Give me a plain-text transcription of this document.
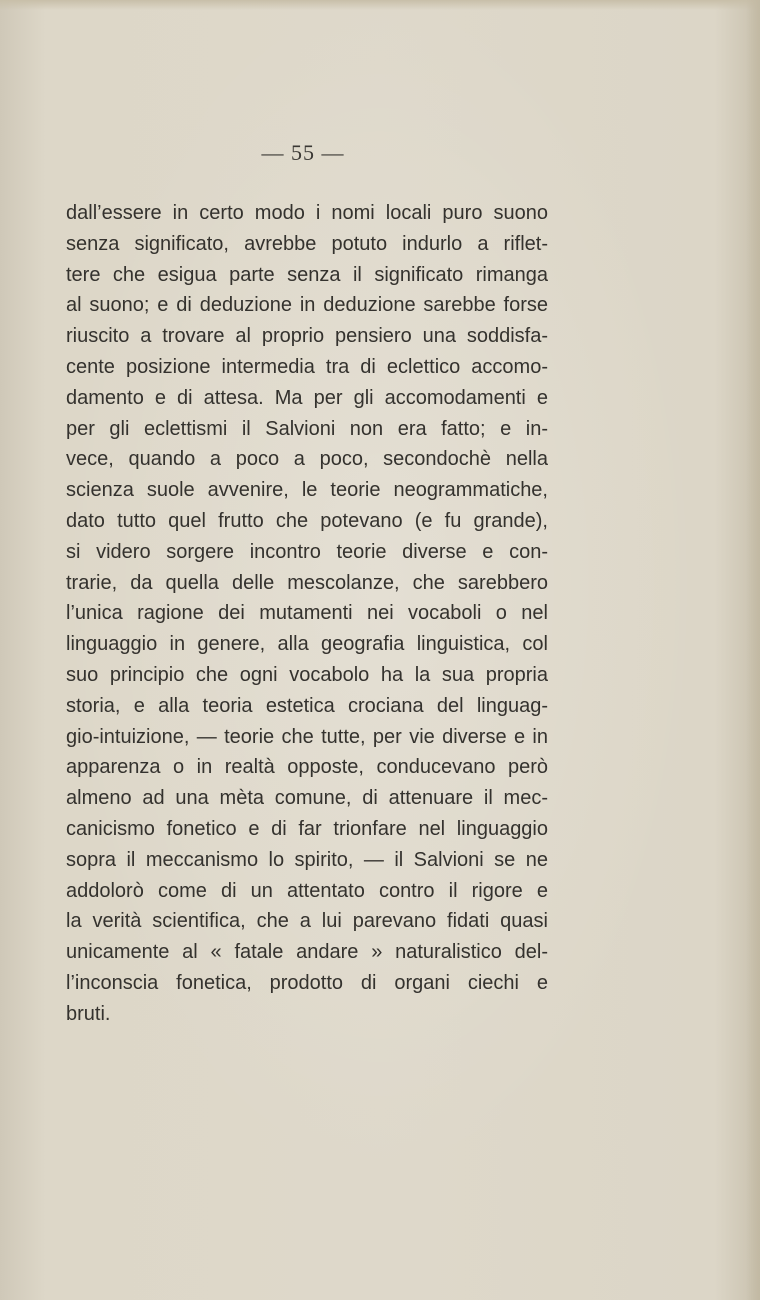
— 55 —
dall’essere in certo modo i nomi locali puro suono
senza significato, avrebbe potuto indurlo a riflet-
tere che esigua parte senza il significato rimanga
al suono; e di deduzione in deduzione sarebbe forse
riuscito a trovare al proprio pensiero una soddisfa-
cente posizione intermedia tra di eclettico accomo-
damento e di attesa. Ma per gli accomodamenti e
per gli eclettismi il Salvioni non era fatto; e in-
vece, quando a poco a poco, secondochè nella
scienza suole avvenire, le teorie neogrammatiche,
dato tutto quel frutto che potevano (e fu grande),
si videro sorgere incontro teorie diverse e con-
trarie, da quella delle mescolanze, che sarebbero
l’unica ragione dei mutamenti nei vocaboli o nel
linguaggio in genere, alla geografia linguistica, col
suo principio che ogni vocabolo ha la sua propria
storia, e alla teoria estetica crociana del linguag-
gio-intuizione, — teorie che tutte, per vie diverse e in
apparenza o in realtà opposte, conducevano però
almeno ad una mèta comune, di attenuare il mec-
canicismo fonetico e di far trionfare nel linguaggio
sopra il meccanismo lo spirito, — il Salvioni se ne
addolorò come di un attentato contro il rigore e
la verità scientifica, che a lui parevano fidati quasi
unicamente al « fatale andare » naturalistico del-
l’inconscia fonetica, prodotto di organi ciechi e
bruti.
